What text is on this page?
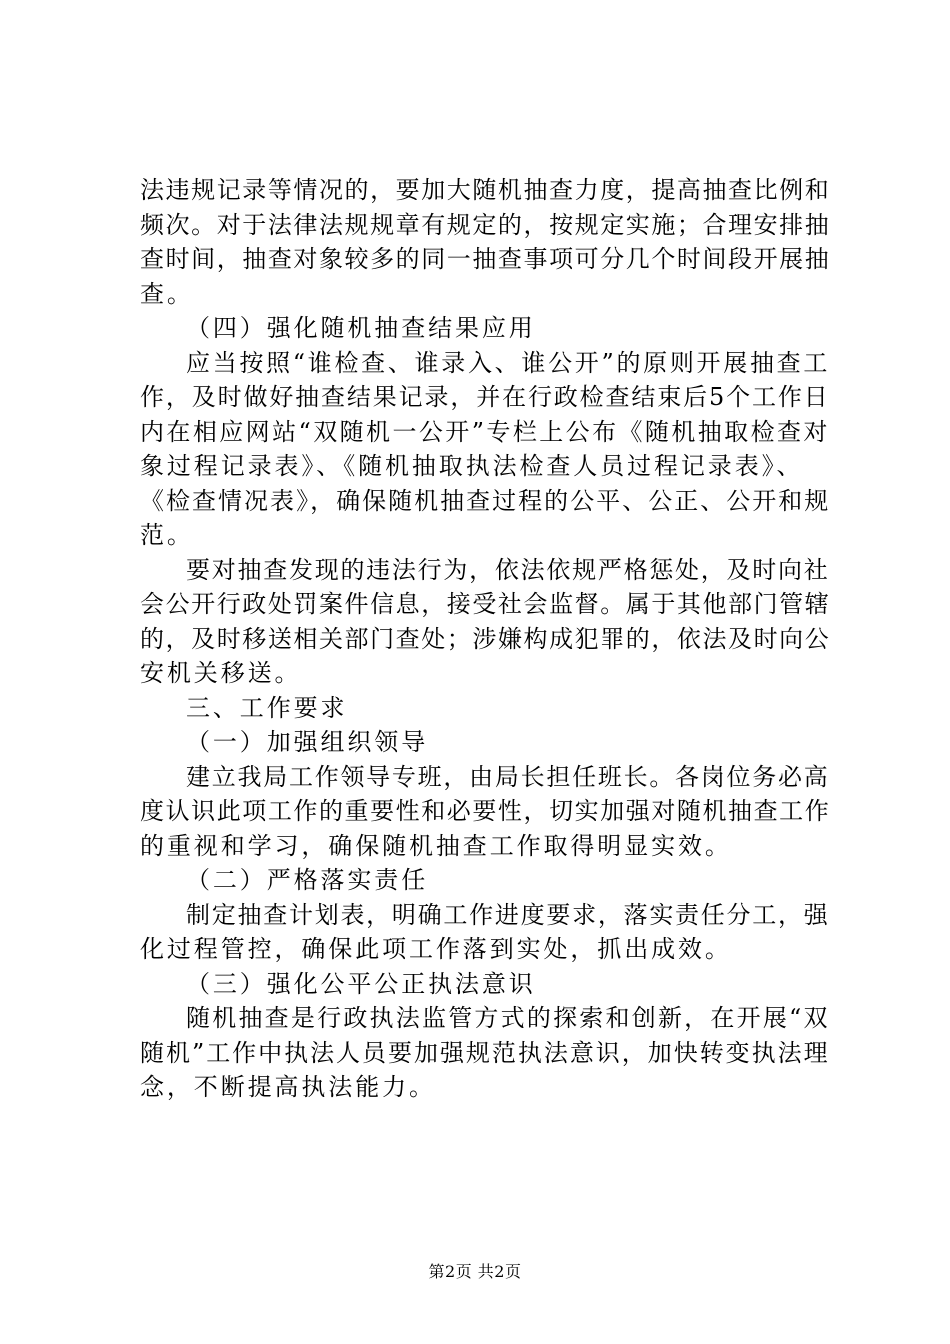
法违规记录等情况的，要加大随机抽查力度，提高抽查比例和
频次。对于法律法规规章有规定的，按规定实施；合理安排抽
查时间，抽查对象较多的同一抽查事项可分几个时间段开展抽
查。
（四）强化随机抽查结果应用
应当按照“谁检查、谁录入、谁公开”的原则开展抽查工
作，及时做好抽查结果记录，并在行政检查结束后5个工作日
内在相应网站“双随机一公开”专栏上公布《随机抽取检查对
象过程记录表》、《随机抽取执法检查人员过程记录表》、
《检查情况表》，确保随机抽查过程的公平、公正、公开和规
范。
要对抽查发现的违法行为，依法依规严格惩处，及时向社
会公开行政处罚案件信息，接受社会监督。属于其他部门管辖
的，及时移送相关部门查处；涉嫌构成犯罪的，依法及时向公
安机关移送。
三、工作要求
（一）加强组织领导
建立我局工作领导专班，由局长担任班长。各岗位务必高
度认识此项工作的重要性和必要性，切实加强对随机抽查工作
的重视和学习，确保随机抽查工作取得明显实效。
（二）严格落实责任
制定抽查计划表，明确工作进度要求，落实责任分工，强
化过程管控，确保此项工作落到实处，抓出成效。
（三）强化公平公正执法意识
随机抽查是行政执法监管方式的探索和创新，在开展“双
随机”工作中执法人员要加强规范执法意识，加快转变执法理
念，不断提高执法能力。
第2页 共2页
